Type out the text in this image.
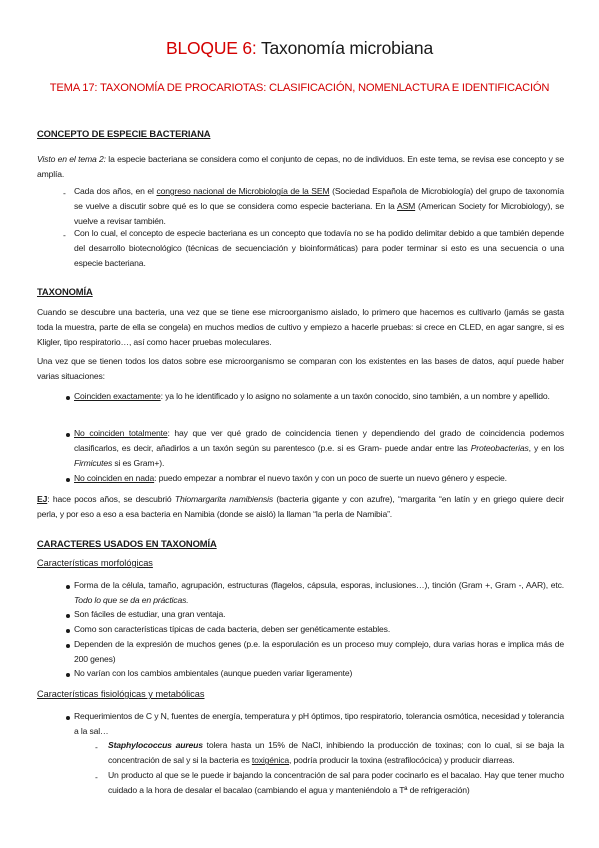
BLOQUE 6: Taxonomía microbiana
TEMA 17: TAXONOMÍA DE PROCARIOTAS: CLASIFICACIÓN, NOMENLACTURA E IDENTIFICACIÓN
CONCEPTO DE ESPECIE BACTERIANA
Visto en el tema 2: la especie bacteriana se considera como el conjunto de cepas, no de individuos. En este tema, se revisa ese concepto y se amplía.
- Cada dos años, en el congreso nacional de Microbiología de la SEM (Sociedad Española de Microbiología) del grupo de taxonomía se vuelve a discutir sobre qué es lo que se considera como especie bacteriana. En la ASM (American Society for Microbiology), se vuelve a revisar también.
- Con lo cual, el concepto de especie bacteriana es un concepto que todavía no se ha podido delimitar debido a que también depende del desarrollo biotecnológico (técnicas de secuenciación y bioinformáticas) para poder terminar si esto es una secuencia o una especie bacteriana.
TAXONOMÍA
Cuando se descubre una bacteria, una vez que se tiene ese microorganismo aislado, lo primero que hacemos es cultivarlo (jamás se gasta toda la muestra, parte de ella se congela) en muchos medios de cultivo y empiezo a hacerle pruebas: si crece en CLED, en agar sangre, si es Kligler, tipo respiratorio…, así como hacer pruebas moleculares.
Una vez que se tienen todos los datos sobre ese microorganismo se comparan con los existentes en las bases de datos, aquí puede haber varias situaciones:
Coinciden exactamente: ya lo he identificado y lo asigno no solamente a un taxón conocido, sino también, a un nombre y apellido.
No coinciden totalmente: hay que ver qué grado de coincidencia tienen y dependiendo del grado de coincidencia podemos clasificarlos, es decir, añadirlos a un taxón según su parentesco (p.e. si es Gram- puede andar entre las Proteobacterias, y en los Firmicutes si es Gram+).
No coinciden en nada: puedo empezar a nombrar el nuevo taxón y con un poco de suerte un nuevo género y especie.
EJ: hace pocos años, se descubrió Thiomargarita namibiensis (bacteria gigante y con azufre), “margarita “en latín y en griego quiere decir perla, y por eso a eso a esa bacteria en Namibia (donde se aisló) la llaman “la perla de Namibia”.
CARACTERES USADOS EN TAXONOMÍA
Características morfológicas
Forma de la célula, tamaño, agrupación, estructuras (flagelos, cápsula, esporas, inclusiones…), tinción (Gram +, Gram -, AAR), etc. Todo lo que se da en prácticas.
Son fáciles de estudiar, una gran ventaja.
Como son características típicas de cada bacteria, deben ser genéticamente estables.
Dependen de la expresión de muchos genes (p.e. la esporulación es un proceso muy complejo, dura varias horas e implica más de 200 genes)
No varían con los cambios ambientales (aunque pueden variar ligeramente)
Características fisiológicas y metabólicas
Requerimientos de C y N, fuentes de energía, temperatura y pH óptimos, tipo respiratorio, tolerancia osmótica, necesidad y tolerancia a la sal…
- Staphylococcus aureus tolera hasta un 15% de NaCl, inhibiendo la producción de toxinas; con lo cual, si se baja la concentración de sal y si la bacteria es toxigénica, podría producir la toxina (estrafilocócica) y producir diarreas.
- Un producto al que se le puede ir bajando la concentración de sal para poder cocinarlo es el bacalao. Hay que tener mucho cuidado a la hora de desalar el bacalao (cambiando el agua y manteniéndolo a Tª de refrigeración)
